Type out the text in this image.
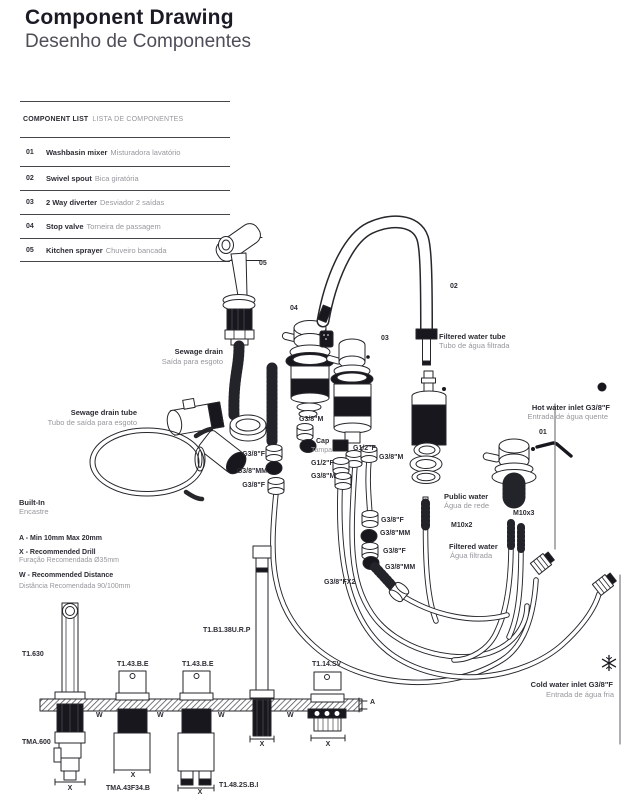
Component Drawing
Desenho de Componentes
COMPONENT LIST LISTA DE COMPONENTES
01	Washbasin mixer Misturadora lavatório
02	Swivel spout Bica giratória
03	2 Way diverter Desviador 2 saídas
04	Stop valve Torneira de passagem
05	Kitchen sprayer Chuveiro bancada
05
04
03
02
01
Sewage drain
Saída para esgoto
Sewage drain tube
Tubo de saída para esgoto
Built-In
Encastre
A - Min 10mm Max 20mm
X - Recommended Drill
Furação Recomendada Ø35mm
W - Recommended Distance
Distância Recomendada 90/100mm
Filtered water tube
Tubo de água filtrada
Hot water inlet G3/8"F
Entrada de água quente
Public water
Água de rede
M10x2
M10x3
Filtered water
Água filtrada
Cold water inlet G3/8"F
Entrada de água fria
Cap
Tampa
G3/8"M
G1/2"F
G3/8"M
G1/2"F
G3/8"M
G3/8"F
G3/8"MM
G3/8"F
G3/8"F
G3/8"MM
G3/8"F
G3/8"MM
G3/8"FX2
T1.630
T1.43.B.E	T1.43.B.E
T1.B1.38U.R.P
T1.14.SV
TMA.600
TMA.43F34.B	T1.48.2S.B.I
W	W	W	W
X
X
X
X	X
A
